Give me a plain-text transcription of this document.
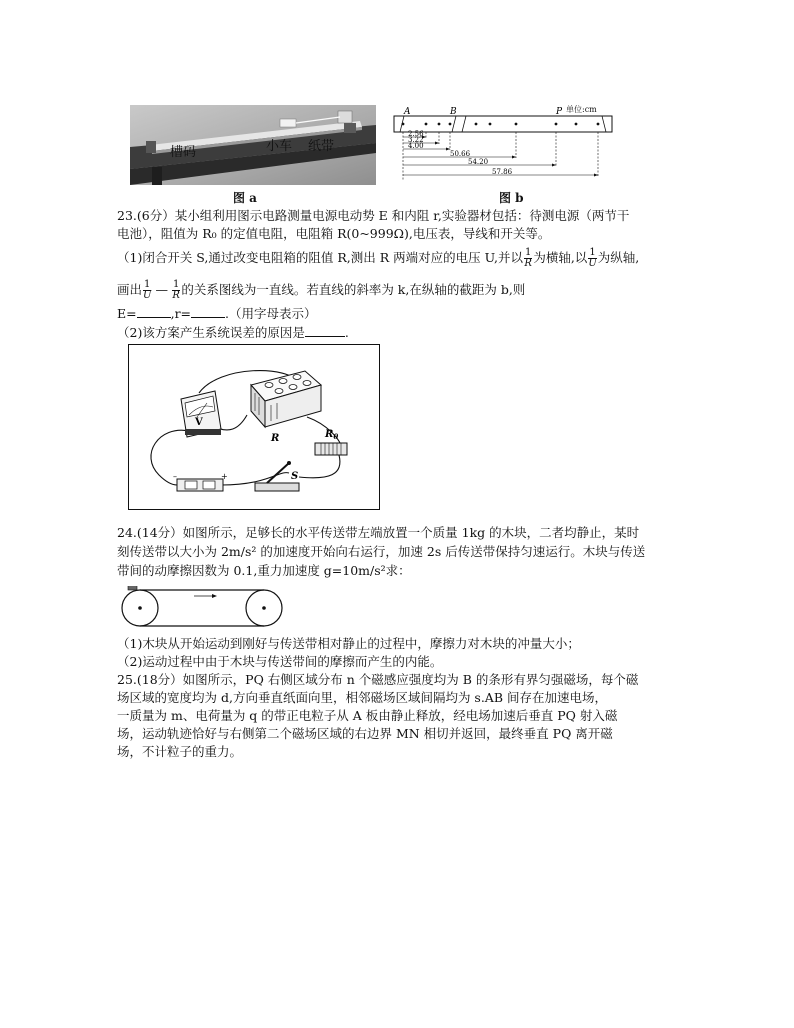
槽码	小车 纸带
图 a
A	B	P
2.56
3.22
4.00
50.66
54.20
57.86
单位:cm
图 b
23.(6分）某小组利用图示电路测量电源电动势 E 和内阻 r,实验器材包括：待测电源（两节干
电池），阻值为 R₀ 的定值电阻，电阻箱 R(0~999Ω),电压表，导线和开关等。
（1)闭合开关 S,通过改变电阻箱的阻值 R,测出 R 两端对应的电压 U,并以 $\frac{1}{R}$ 为横轴,以 $\frac{1}{U}$ 为纵轴,
画出 $\frac{1}{U}$ — $\frac{1}{R}$ 的关系图线为一直线。若直线的斜率为 k,在纵轴的截距为 b,则
E=	,r=	.（用字母表示）
（2)该方案产生系统误差的原因是	.
V
R	$R_0$
–	+	S
24.(14分）如图所示，足够长的水平传送带左端放置一个质量 1kg 的木块，二者均静止，某时
刻传送带以大小为 2m/s² 的加速度开始向右运行，加速 2s 后传送带保持匀速运行。木块与传送
带间的动摩擦因数为 0.1,重力加速度 g=10m/s²求：
（1)木块从开始运动到刚好与传送带相对静止的过程中，摩擦力对木块的冲量大小；
（2)运动过程中由于木块与传送带间的摩擦而产生的内能。
25.(18分）如图所示，PQ 右侧区域分布 n 个磁感应强度均为 B 的条形有界匀强磁场，每个磁
场区域的宽度均为 d,方向垂直纸面向里，相邻磁场区域间隔均为 s.AB 间存在加速电场，
一质量为 m、电荷量为 q 的带正电粒子从 A 板由静止释放，经电场加速后垂直 PQ 射入磁
场，运动轨迹恰好与右侧第二个磁场区域的右边界 MN 相切并返回，最终垂直 PQ 离开磁
场，不计粒子的重力。
